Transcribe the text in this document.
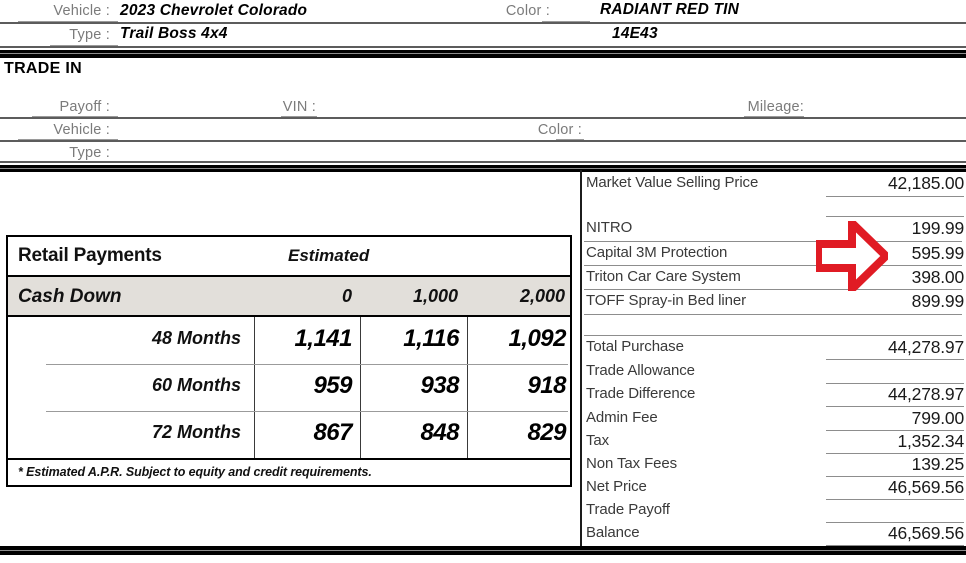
Vehicle : 2023 Chevrolet Colorado	Color :	RADIANT RED TIN
Type : Trail Boss 4x4	14E43
TRADE IN
Payoff :	VIN :	Mileage:
Vehicle :	Color :
Type :
Retail Payments	Estimated
Cash Down	0	1,000	2,000
48 Months	1,141	1,116	1,092
60 Months	959	938	918
72 Months	867	848	829
* Estimated A.P.R. Subject to equity and credit requirements.
Market Value Selling Price	42,185.00
NITRO	199.99
Capital 3M Protection	595.99
Triton Car Care System	398.00
TOFF Spray-in Bed liner	899.99
Total Purchase	44,278.97
Trade Allowance
Trade Difference	44,278.97
Admin Fee	799.00
Tax	1,352.34
Non Tax Fees	139.25
Net Price	46,569.56
Trade Payoff
Balance	46,569.56
